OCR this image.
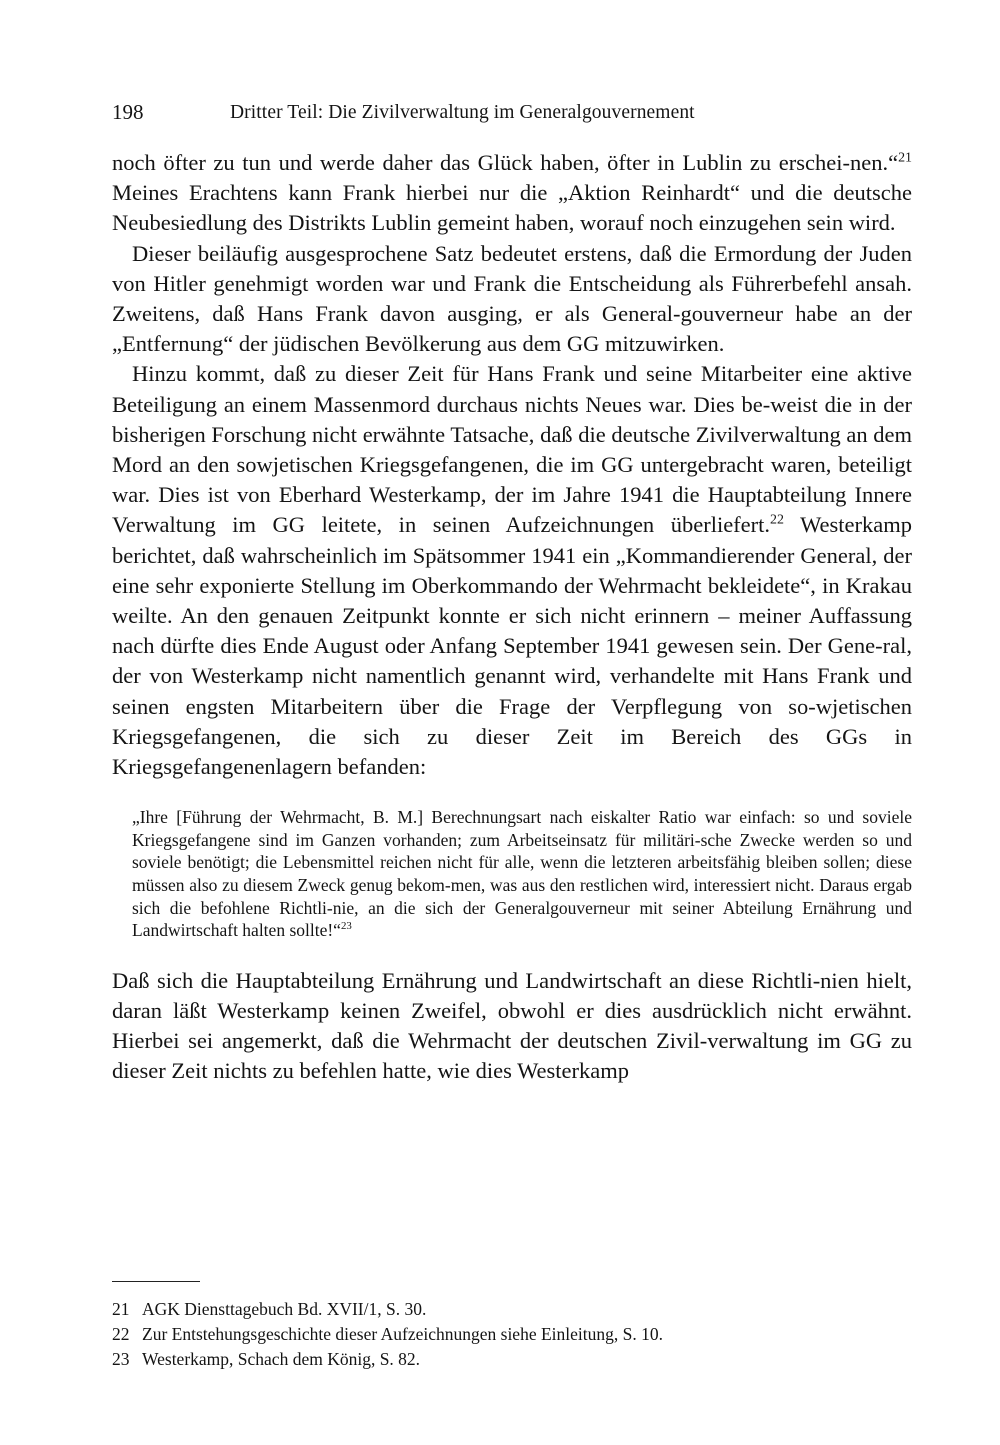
198	Dritter Teil: Die Zivilverwaltung im Generalgouvernement

noch öfter zu tun und werde daher das Glück haben, öfter in Lublin zu erschei-nen.“$^{21}$ Meines Erachtens kann Frank hierbei nur die „Aktion Reinhardt“ und die deutsche Neubesiedlung des Distrikts Lublin gemeint haben, worauf noch einzugehen sein wird.

Dieser beiläufig ausgesprochene Satz bedeutet erstens, daß die Ermordung der Juden von Hitler genehmigt worden war und Frank die Entscheidung als Führerbefehl ansah. Zweitens, daß Hans Frank davon ausging, er als General-gouverneur habe an der „Entfernung“ der jüdischen Bevölkerung aus dem GG mitzuwirken.

Hinzu kommt, daß zu dieser Zeit für Hans Frank und seine Mitarbeiter eine aktive Beteiligung an einem Massenmord durchaus nichts Neues war. Dies be-weist die in der bisherigen Forschung nicht erwähnte Tatsache, daß die deutsche Zivilverwaltung an dem Mord an den sowjetischen Kriegsgefangenen, die im GG untergebracht waren, beteiligt war. Dies ist von Eberhard Westerkamp, der im Jahre 1941 die Hauptabteilung Innere Verwaltung im GG leitete, in seinen Aufzeichnungen überliefert.$^{22}$ Westerkamp berichtet, daß wahrscheinlich im Spätsommer 1941 ein „Kommandierender General, der eine sehr exponierte Stellung im Oberkommando der Wehrmacht bekleidete“, in Krakau weilte. An den genauen Zeitpunkt konnte er sich nicht erinnern – meiner Auffassung nach dürfte dies Ende August oder Anfang September 1941 gewesen sein. Der Gene-ral, der von Westerkamp nicht namentlich genannt wird, verhandelte mit Hans Frank und seinen engsten Mitarbeitern über die Frage der Verpflegung von so-wjetischen Kriegsgefangenen, die sich zu dieser Zeit im Bereich des GGs in Kriegsgefangenenlagern befanden:

„Ihre [Führung der Wehrmacht, B. M.] Berechnungsart nach eiskalter Ratio war einfach: so und soviele Kriegsgefangene sind im Ganzen vorhanden; zum Arbeitseinsatz für militäri-sche Zwecke werden so und soviele benötigt; die Lebensmittel reichen nicht für alle, wenn die letzteren arbeitsfähig bleiben sollen; diese müssen also zu diesem Zweck genug bekom-men, was aus den restlichen wird, interessiert nicht. Daraus ergab sich die befohlene Richtli-nie, an die sich der Generalgouverneur mit seiner Abteilung Ernährung und Landwirtschaft halten sollte!“$^{23}$

Daß sich die Hauptabteilung Ernährung und Landwirtschaft an diese Richtli-nien hielt, daran läßt Westerkamp keinen Zweifel, obwohl er dies ausdrücklich nicht erwähnt. Hierbei sei angemerkt, daß die Wehrmacht der deutschen Zivil-verwaltung im GG zu dieser Zeit nichts zu befehlen hatte, wie dies Westerkamp

21 AGK Diensttagebuch Bd. XVII/1, S. 30.
22 Zur Entstehungsgeschichte dieser Aufzeichnungen siehe Einleitung, S. 10.
23 Westerkamp, Schach dem König, S. 82.
